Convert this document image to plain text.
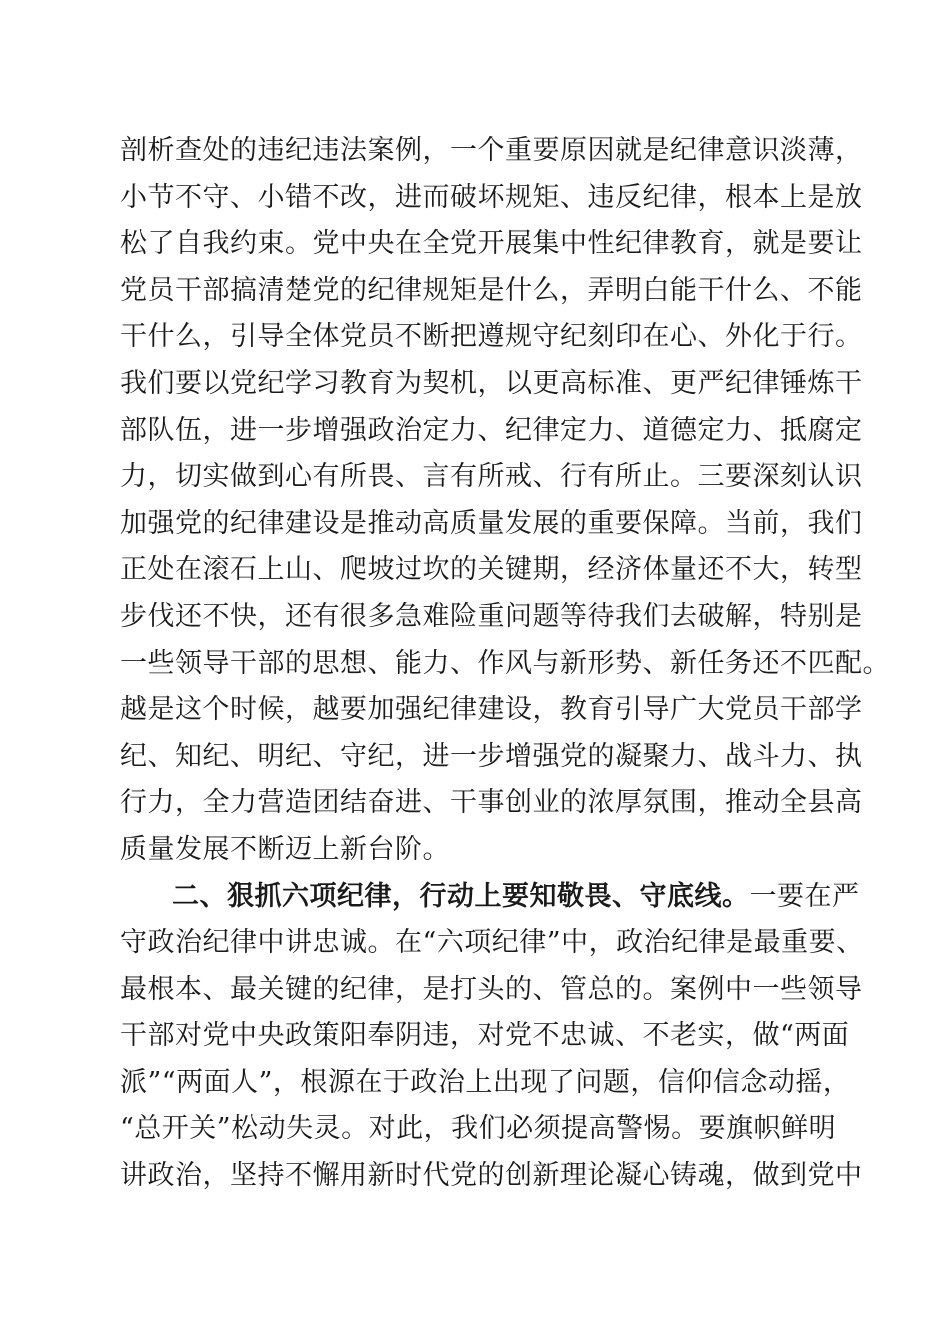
剖析查处的违纪违法案例，一个重要原因就是纪律意识淡薄，
小节不守、小错不改，进而破坏规矩、违反纪律，根本上是放
松了自我约束。党中央在全党开展集中性纪律教育，就是要让
党员干部搞清楚党的纪律规矩是什么，弄明白能干什么、不能
干什么，引导全体党员不断把遵规守纪刻印在心、外化于行。
我们要以党纪学习教育为契机，以更高标准、更严纪律锤炼干
部队伍，进一步增强政治定力、纪律定力、道德定力、抵腐定
力，切实做到心有所畏、言有所戒、行有所止。三要深刻认识
加强党的纪律建设是推动高质量发展的重要保障。当前，我们
正处在滚石上山、爬坡过坎的关键期，经济体量还不大，转型
步伐还不快，还有很多急难险重问题等待我们去破解，特别是
一些领导干部的思想、能力、作风与新形势、新任务还不匹配。
越是这个时候，越要加强纪律建设，教育引导广大党员干部学
纪、知纪、明纪、守纪，进一步增强党的凝聚力、战斗力、执
行力，全力营造团结奋进、干事创业的浓厚氛围，推动全县高
质量发展不断迈上新台阶。
二、狠抓六项纪律，行动上要知敬畏、守底线。一要在严
守政治纪律中讲忠诚。在“六项纪律”中，政治纪律是最重要、
最根本、最关键的纪律，是打头的、管总的。案例中一些领导
干部对党中央政策阳奉阴违，对党不忠诚、不老实，做“两面
派”“两面人”，根源在于政治上出现了问题，信仰信念动摇，
“总开关”松动失灵。对此，我们必须提高警惕。要旗帜鲜明
讲政治，坚持不懈用新时代党的创新理论凝心铸魂，做到党中
